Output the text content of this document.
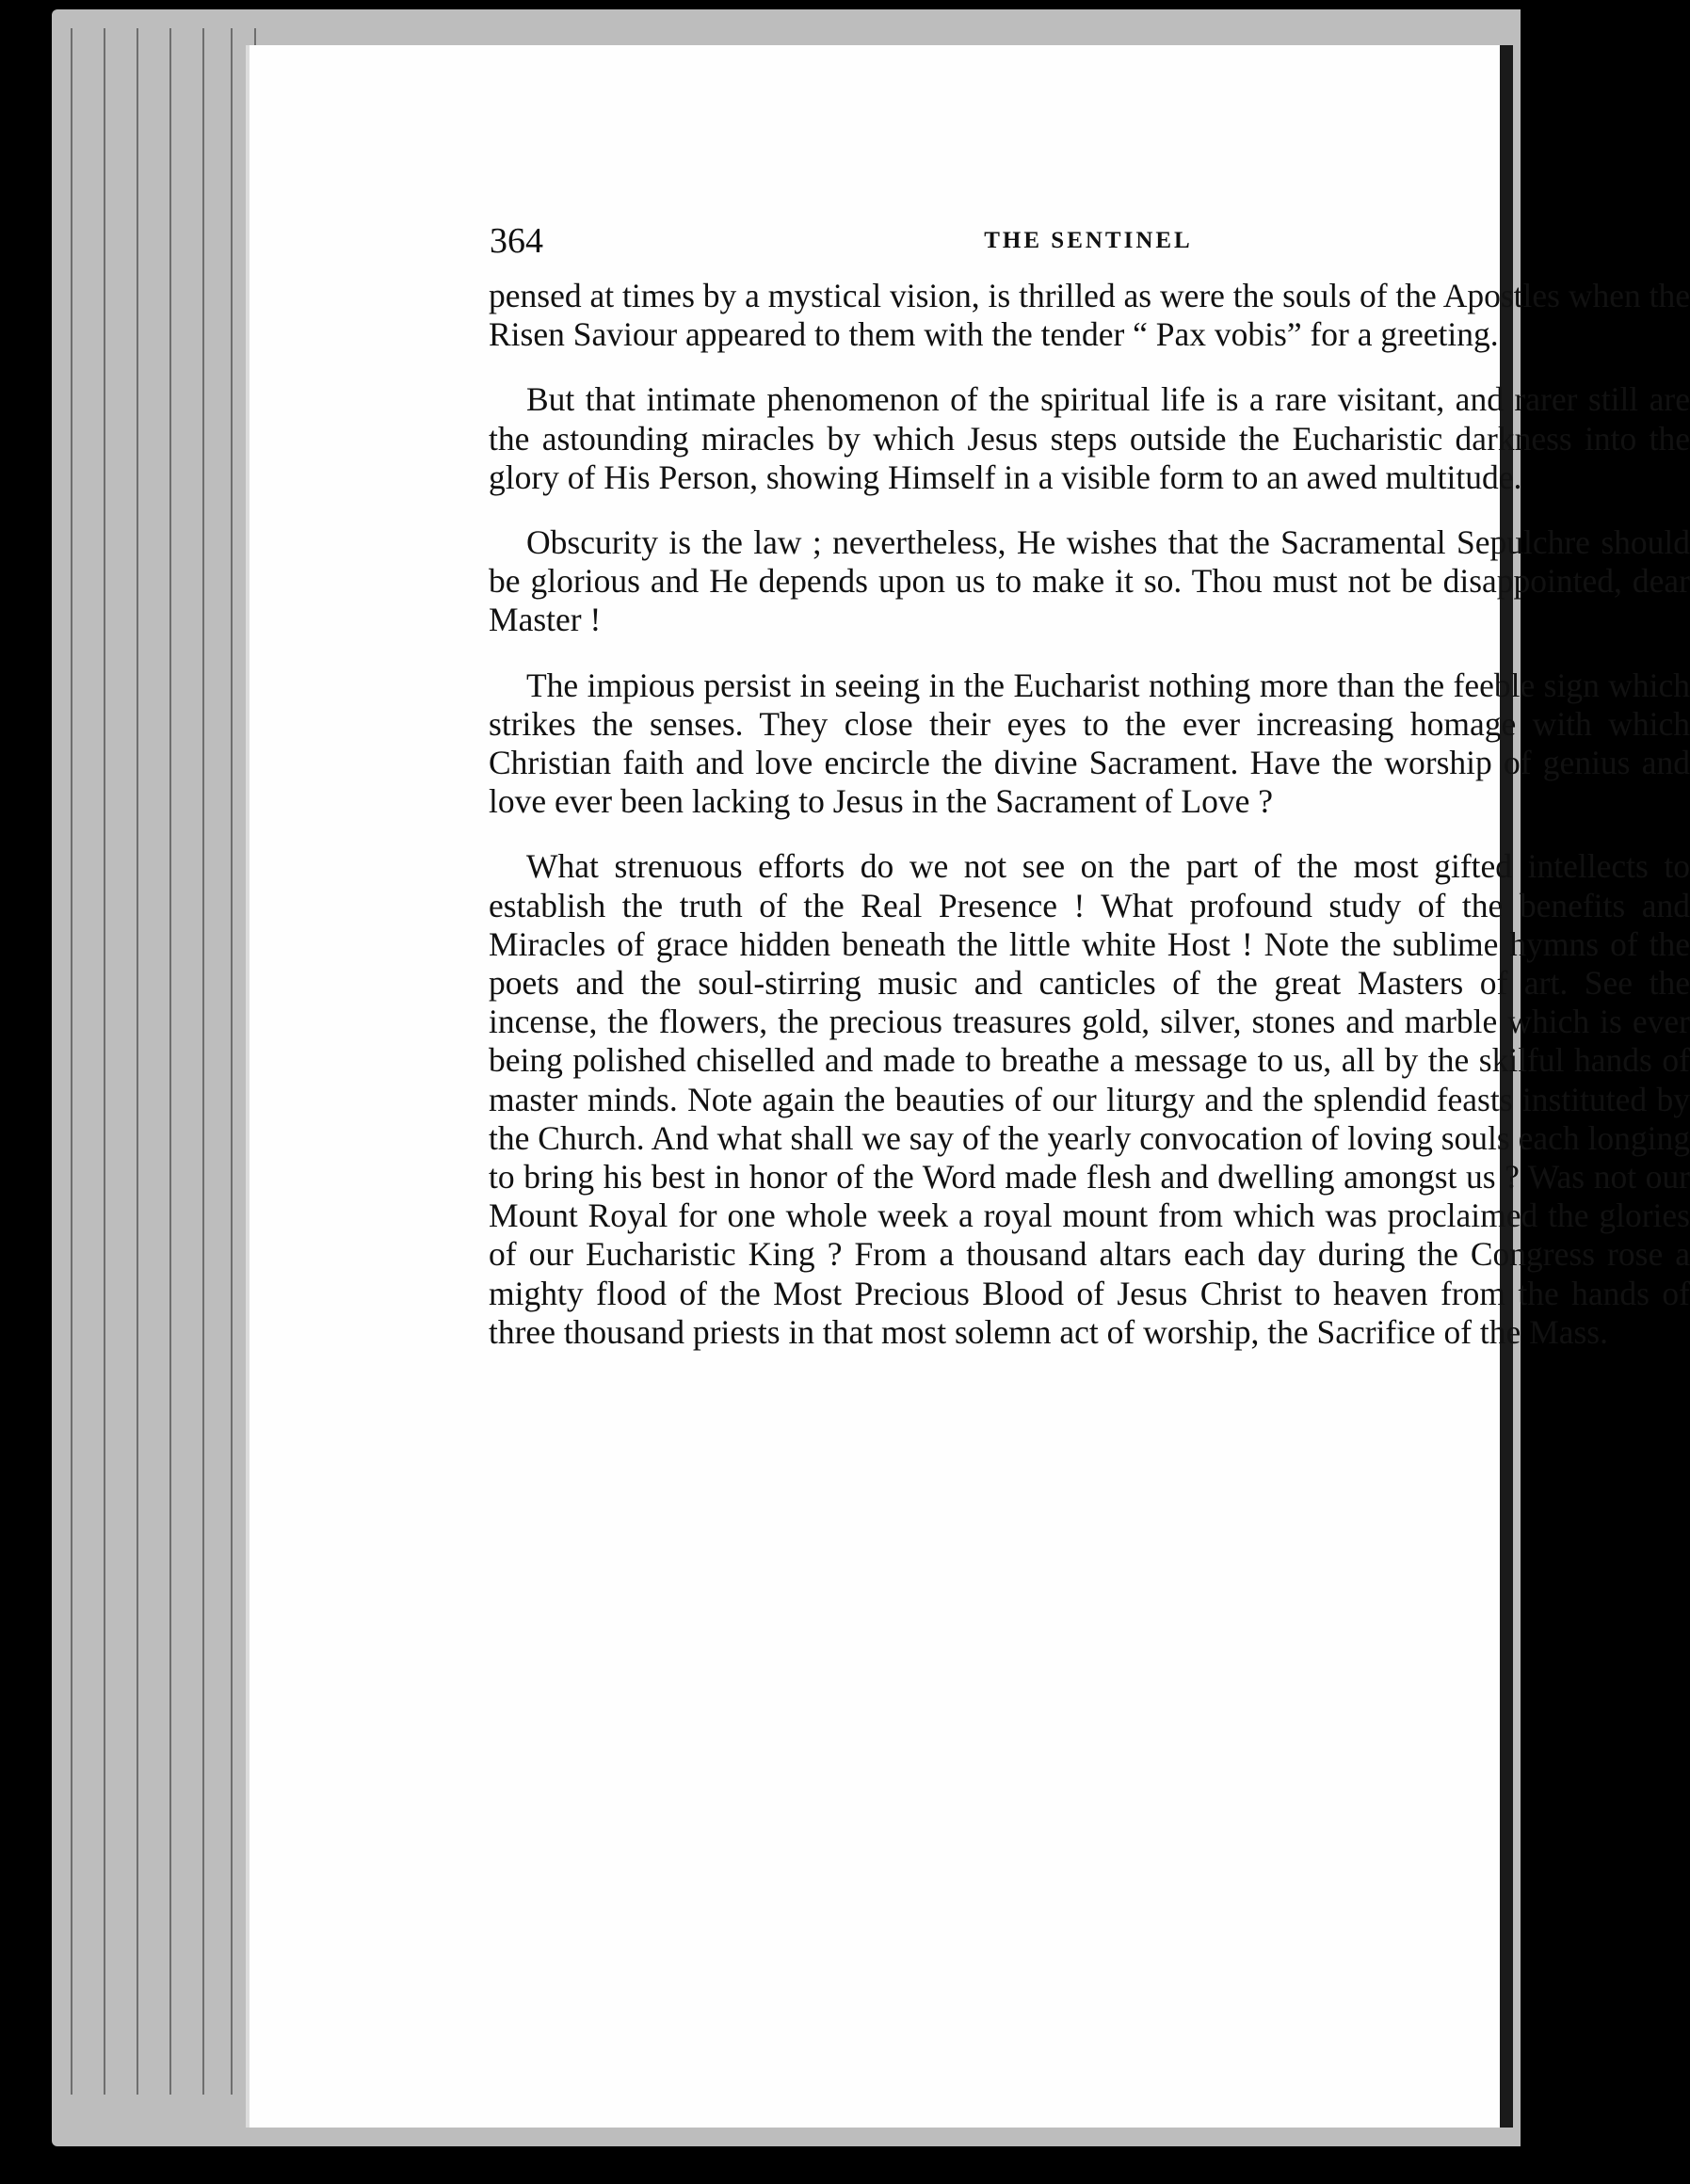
364	THE SENTINEL

pensed at times by a mystical vision, is thrilled as were the souls of the Apostles when the Risen Saviour appeared to them with the tender “ Pax vobis” for a greeting.

But that intimate phenomenon of the spiritual life is a rare visitant, and rarer still are the astounding miracles by which Jesus steps outside the Eucharistic darkness into the glory of His Person, showing Himself in a visible form to an awed multitude.

Obscurity is the law ; nevertheless, He wishes that the Sacramental Sepulchre should be glorious and He depends upon us to make it so. Thou must not be disappointed, dear Master !

The impious persist in seeing in the Eucharist nothing more than the feeble sign which strikes the senses. They close their eyes to the ever increasing homage with which Christian faith and love encircle the divine Sacrament. Have the worship of genius and love ever been lacking to Jesus in the Sacrament of Love ?

What strenuous efforts do we not see on the part of the most gifted intellects to establish the truth of the Real Presence ! What profound study of the benefits and Miracles of grace hidden beneath the little white Host ! Note the sublime hymns of the poets and the soul-stirring music and canticles of the great Masters of art. See the incense, the flowers, the precious treasures gold, silver, stones and marble which is ever being polished chiselled and made to breathe a message to us, all by the skilful hands of master minds. Note again the beauties of our liturgy and the splendid feasts instituted by the Church. And what shall we say of the yearly convocation of loving souls each longing to bring his best in honor of the Word made flesh and dwelling amongst us ? Was not our Mount Royal for one whole week a royal mount from which was proclaimed the glories of our Eucharistic King ? From a thousand altars each day during the Congress rose a mighty flood of the Most Precious Blood of Jesus Christ to heaven from the hands of three thousand priests in that most solemn act of worship, the Sacrifice of the Mass.
